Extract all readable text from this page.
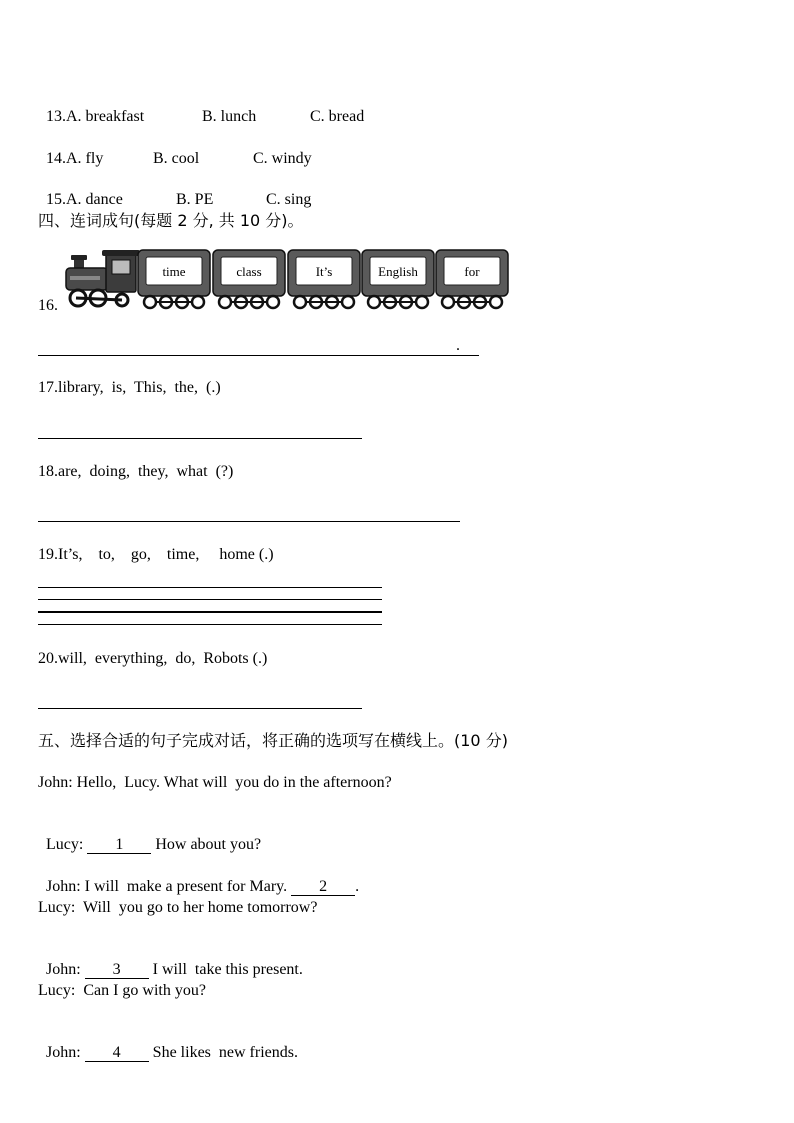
13.A. breakfast	B. lunch	C. bread

14.A. fly	B. cool	C. windy

15.A. dance	B. PE	C. sing

四、连词成句(每题 2 分, 共 10 分)。
16.
time	class	It’s	English	for
.
17.library,  is,  This,  the,  (.)
18.are,  doing,  they,  what  (?)
19.It’s,    to,    go,    time,     home (.)
20.will,  everything,  do,  Robots (.)
五、选择合适的句子完成对话，将正确的选项写在横线上。(10 分)
John: Hello,  Lucy. What will  you do in the afternoon?

Lucy: 1 How about you?

John: I will  make a present for Mary. 2 .

Lucy:  Will  you go to her home tomorrow?

John: 3 I will  take this present.

Lucy:  Can I go with you?

John: 4 She likes  new friends.
